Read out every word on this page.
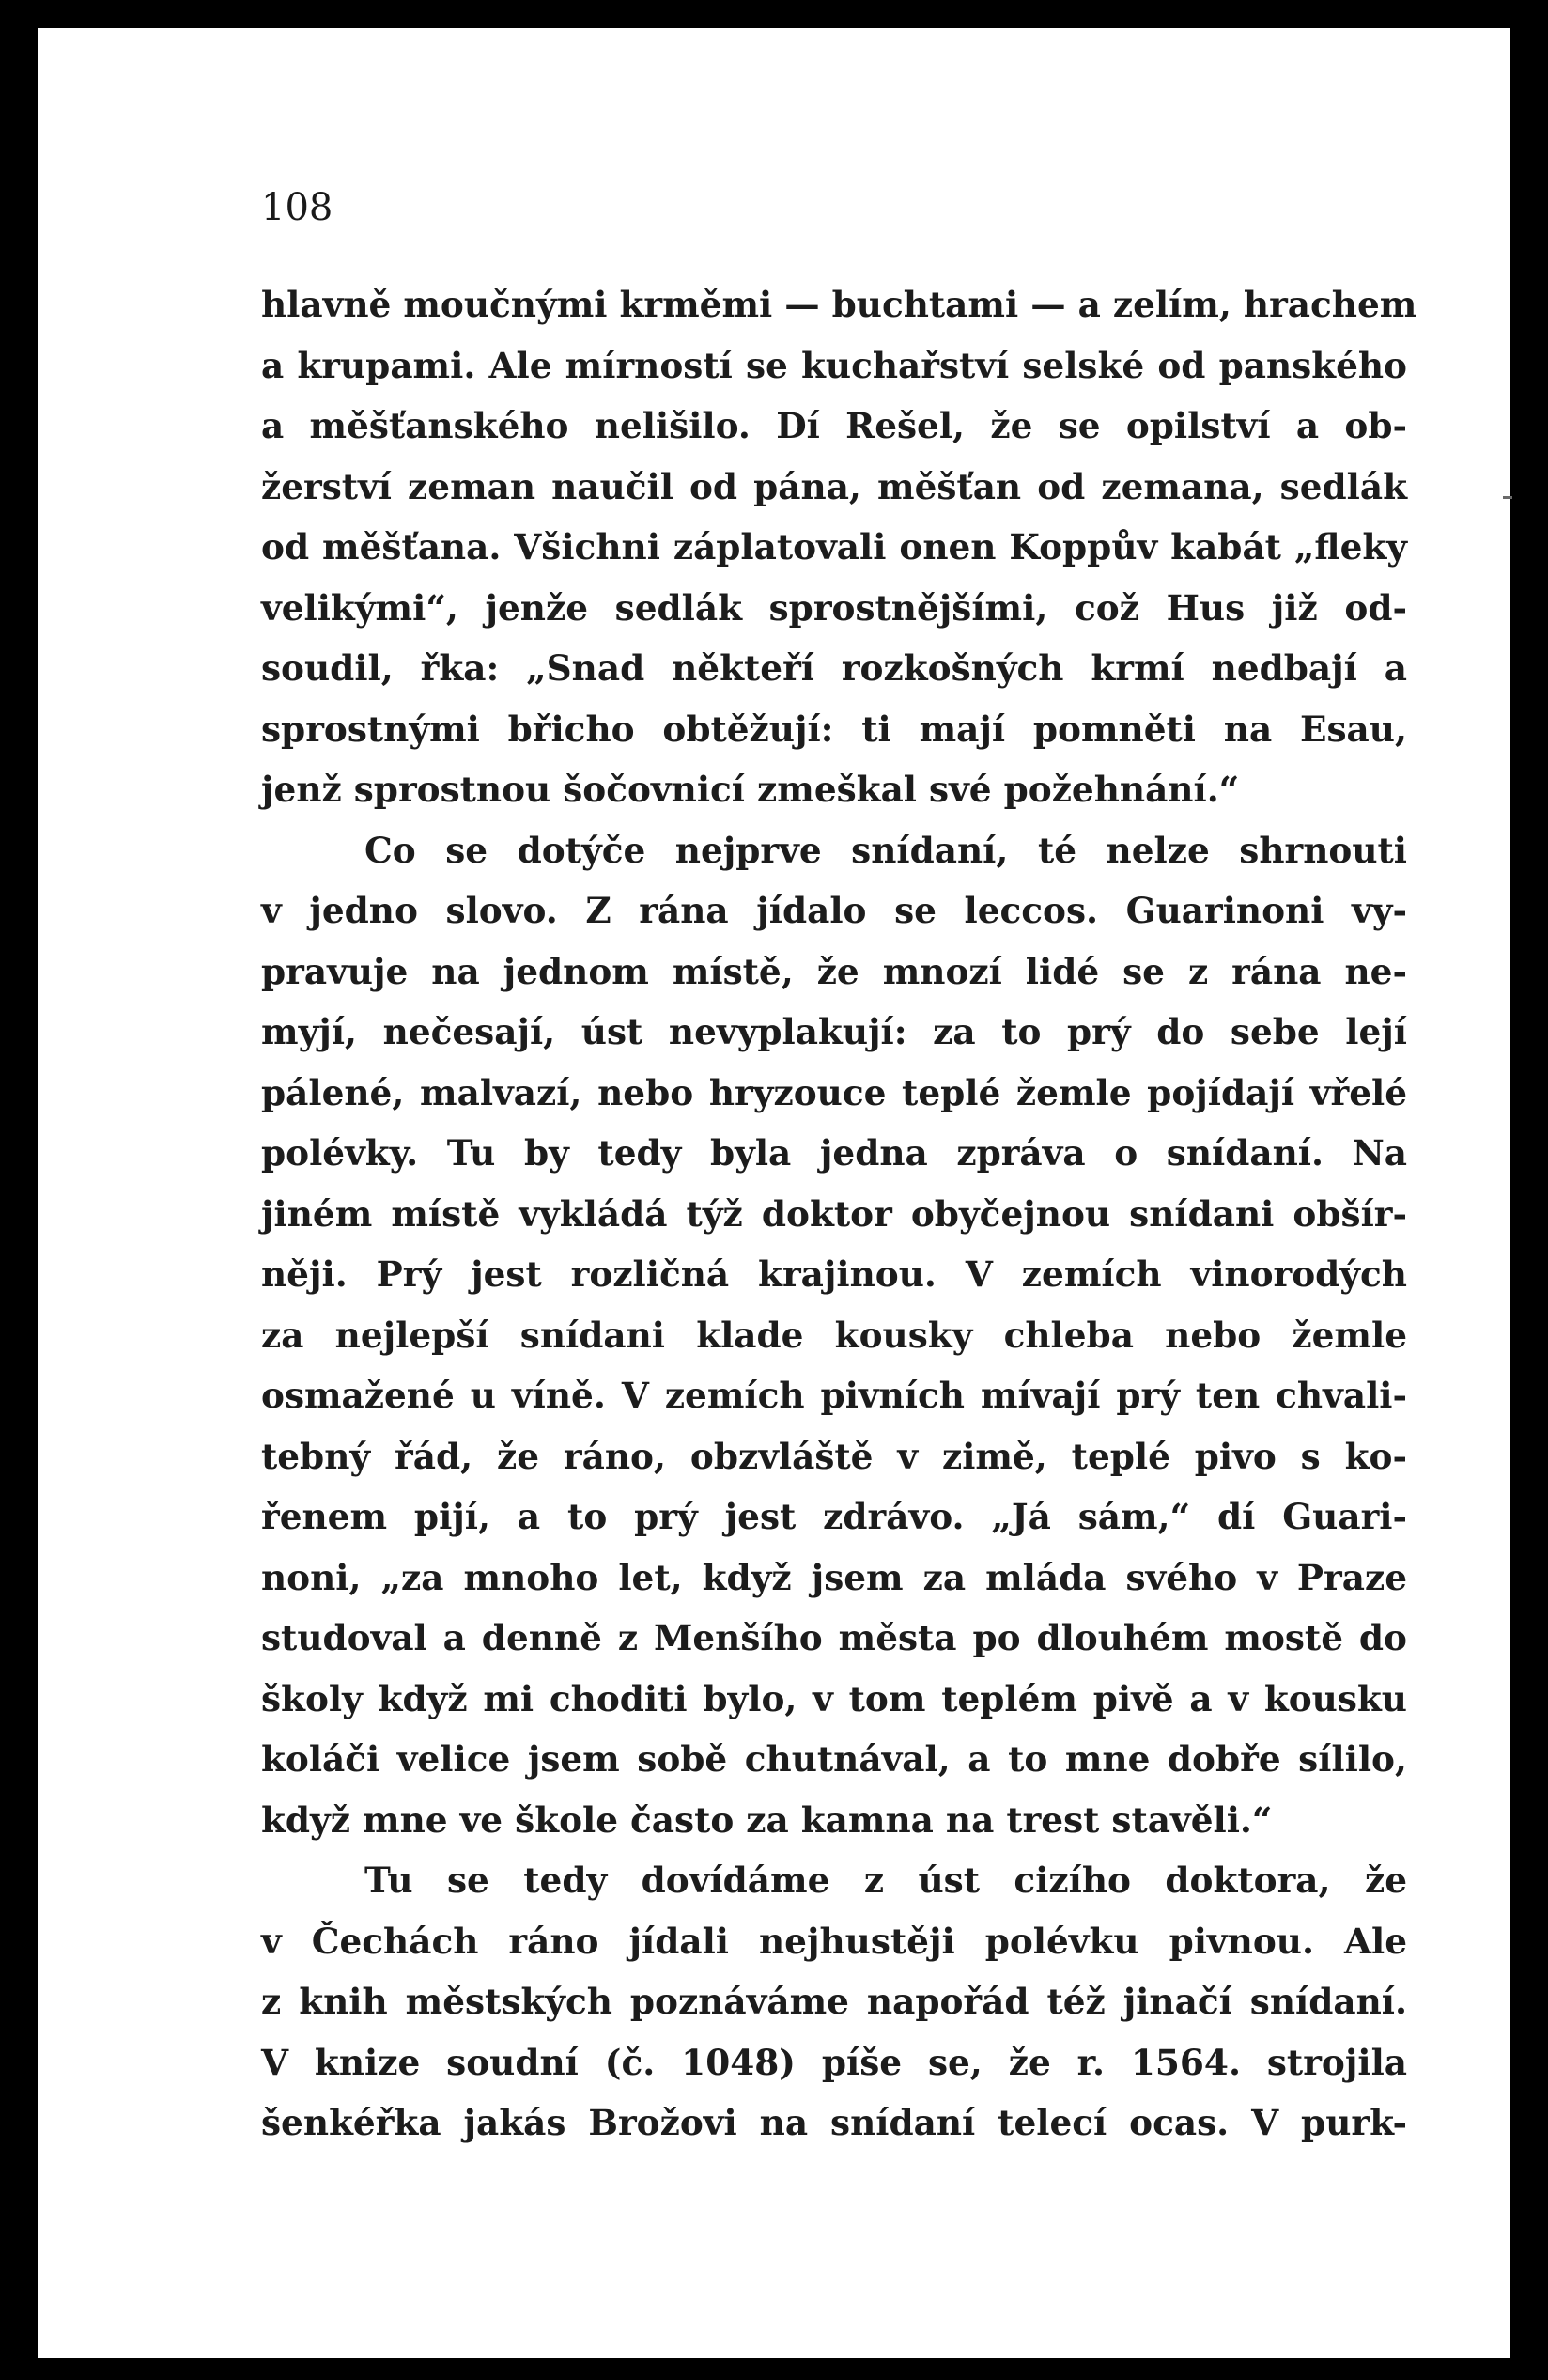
108

hlavně moučnými krměmi — buchtami — a zelím, hrachem
a krupami. Ale mírností se kuchařství selské od panského
a měšťanského nelišilo. Dí Rešel, že se opilství a ob-
žerství zeman naučil od pána, měšťan od zemana, sedlák
od měšťana. Všichni záplatovali onen Koppův kabát „fleky
velikými“, jenže sedlák sprostnějšími, což Hus již od-
soudil, řka: „Snad někteří rozkošných krmí nedbají a
sprostnými břicho obtěžují: ti mají pomněti na Esau,
jenž sprostnou šočovnicí zmeškal své požehnání.“
Co se dotýče nejprve snídaní, té nelze shrnouti
v jedno slovo. Z rána jídalo se leccos. Guarinoni vy-
pravuje na jednom místě, že mnozí lidé se z rána ne-
myjí, nečesají, úst nevyplakují: za to prý do sebe lejí
pálené, malvazí, nebo hryzouce teplé žemle pojídají vřelé
polévky. Tu by tedy byla jedna zpráva o snídaní. Na
jiném místě vykládá týž doktor obyčejnou snídani obšír-
něji. Prý jest rozličná krajinou. V zemích vinorodých
za nejlepší snídani klade kousky chleba nebo žemle
osmažené u víně. V zemích pivních mívají prý ten chvali-
tebný řád, že ráno, obzvláště v zimě, teplé pivo s ko-
řenem pijí, a to prý jest zdrávo. „Já sám,“ dí Guari-
noni, „za mnoho let, když jsem za mláda svého v Praze
studoval a denně z Menšího města po dlouhém mostě do
školy když mi choditi bylo, v tom teplém pivě a v kousku
koláči velice jsem sobě chutnával, a to mne dobře sílilo,
když mne ve škole často za kamna na trest stavěli.“
Tu se tedy dovídáme z úst cizího doktora, že
v Čechách ráno jídali nejhustěji polévku pivnou. Ale
z knih městských poznáváme napořád též jinačí snídaní.
V knize soudní (č. 1048) píše se, že r. 1564. strojila
šenkéřka jakás Brožovi na snídaní telecí ocas. V purk-
